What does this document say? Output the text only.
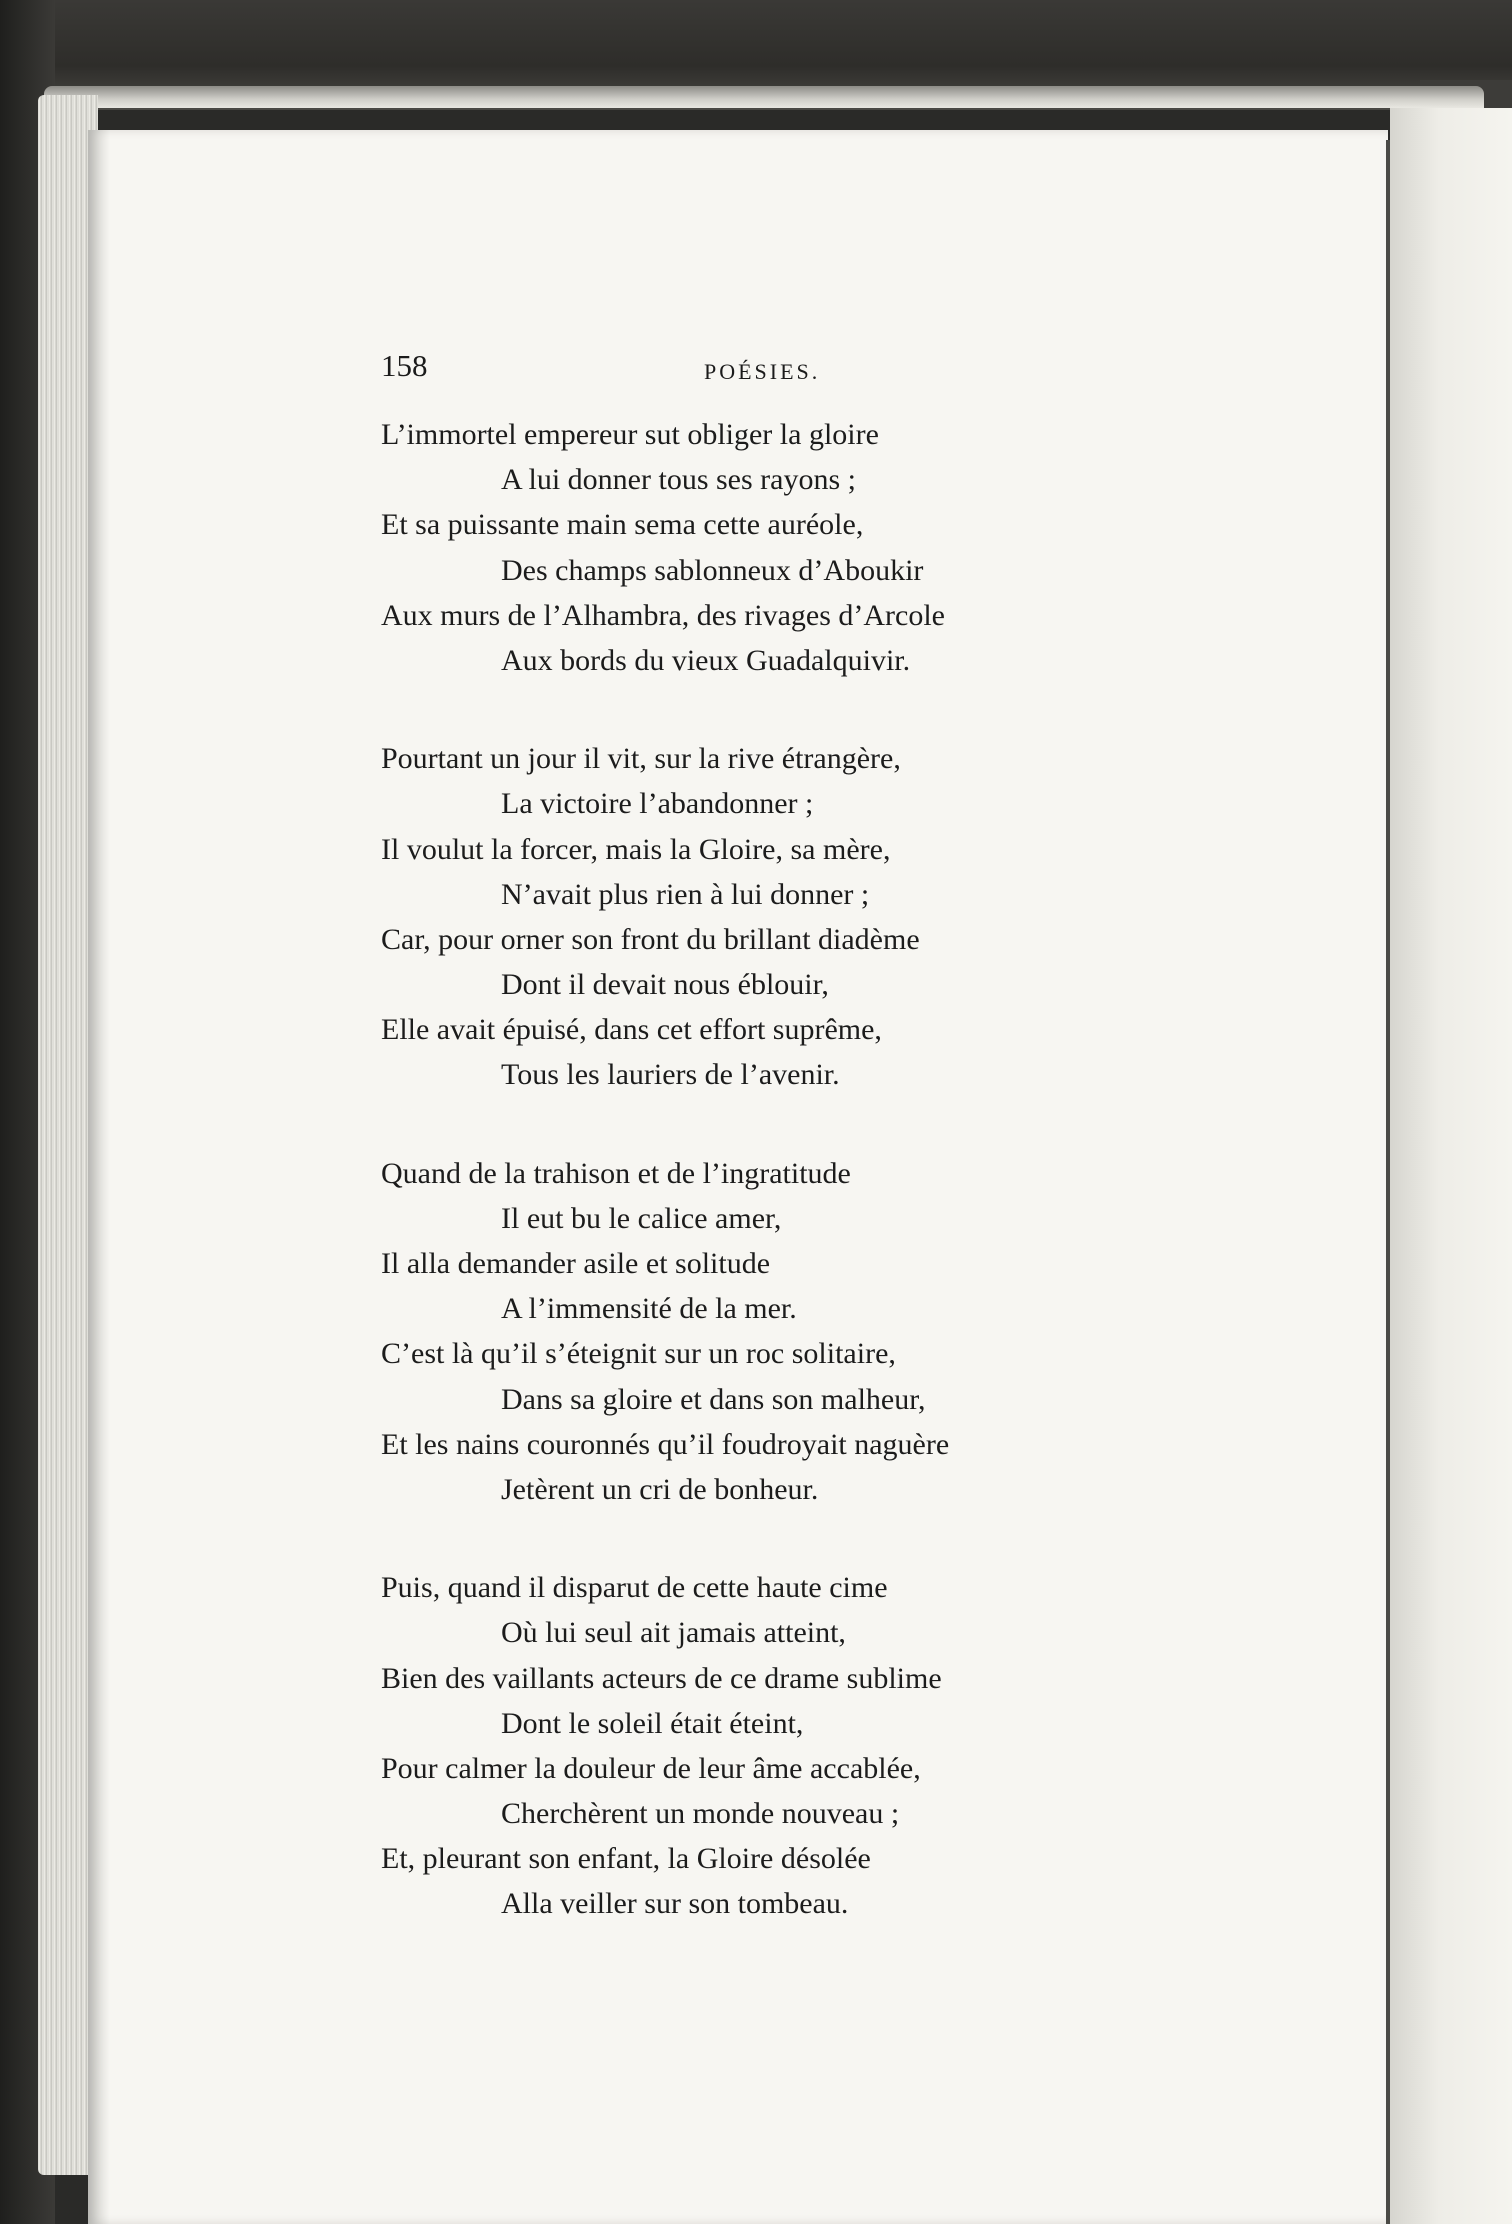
158	POÉSIES.
L’immortel empereur sut obliger la gloire
A lui donner tous ses rayons ;
Et sa puissante main sema cette auréole,
Des champs sablonneux d’Aboukir
Aux murs de l’Alhambra, des rivages d’Arcole
Aux bords du vieux Guadalquivir.
Pourtant un jour il vit, sur la rive étrangère,
La victoire l’abandonner ;
Il voulut la forcer, mais la Gloire, sa mère,
N’avait plus rien à lui donner ;
Car, pour orner son front du brillant diadème
Dont il devait nous éblouir,
Elle avait épuisé, dans cet effort suprême,
Tous les lauriers de l’avenir.
Quand de la trahison et de l’ingratitude
Il eut bu le calice amer,
Il alla demander asile et solitude
A l’immensité de la mer.
C’est là qu’il s’éteignit sur un roc solitaire,
Dans sa gloire et dans son malheur,
Et les nains couronnés qu’il foudroyait naguère
Jetèrent un cri de bonheur.
Puis, quand il disparut de cette haute cime
Où lui seul ait jamais atteint,
Bien des vaillants acteurs de ce drame sublime
Dont le soleil était éteint,
Pour calmer la douleur de leur âme accablée,
Cherchèrent un monde nouveau ;
Et, pleurant son enfant, la Gloire désolée
Alla veiller sur son tombeau.
